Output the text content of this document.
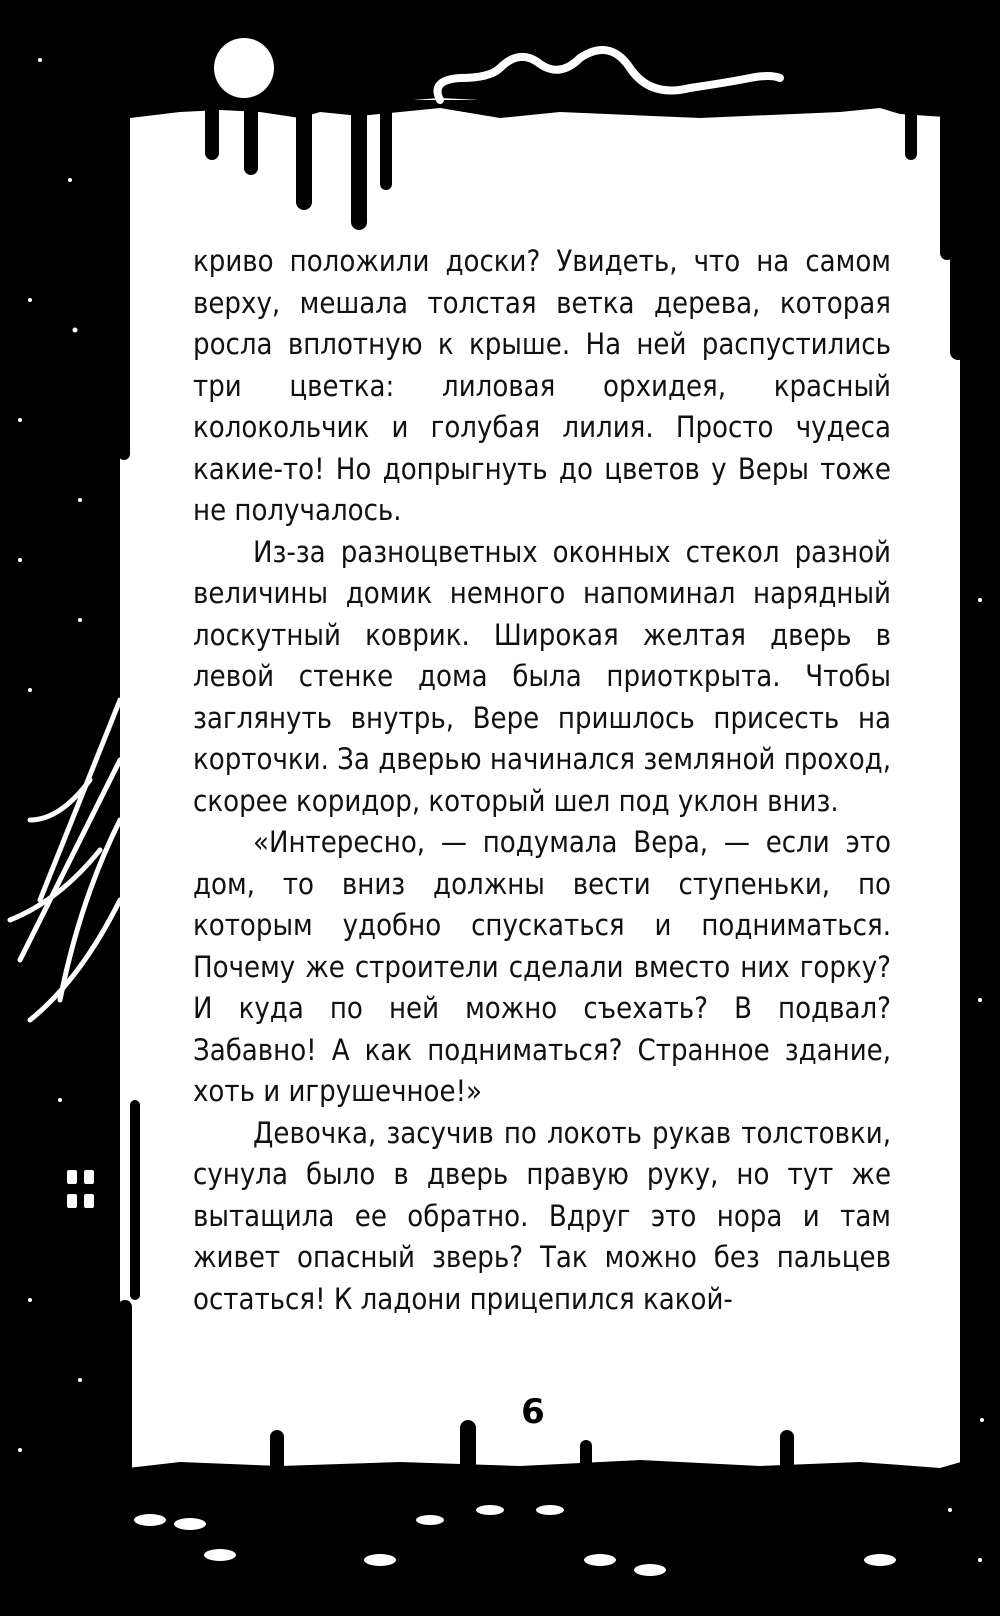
криво положили доски? Увидеть, что на самом верху, мешала толстая ветка дерева, которая росла вплотную к крыше. На ней распустились три цветка: лиловая орхидея, красный колокольчик и голубая лилия. Просто чудеса какие-то! Но допрыгнуть до цветов у Веры тоже не получалось.

Из-за разноцветных оконных стекол разной величины домик немного напоминал нарядный лоскутный коврик. Широкая желтая дверь в левой стенке дома была приоткрыта. Чтобы заглянуть внутрь, Вере пришлось присесть на корточки. За дверью начинался земляной проход, скорее коридор, который шел под уклон вниз.

«Интересно, — подумала Вера, — если это дом, то вниз должны вести ступеньки, по которым удобно спускаться и подниматься. Почему же строители сделали вместо них горку? И куда по ней можно съехать? В подвал? Забавно! А как подниматься? Странное здание, хоть и игрушечное!»

Девочка, засучив по локоть рукав толстовки, сунула было в дверь правую руку, но тут же вытащила ее обратно. Вдруг это нора и там живет опасный зверь? Так можно без пальцев остаться! К ладони прицепился какой-

6
